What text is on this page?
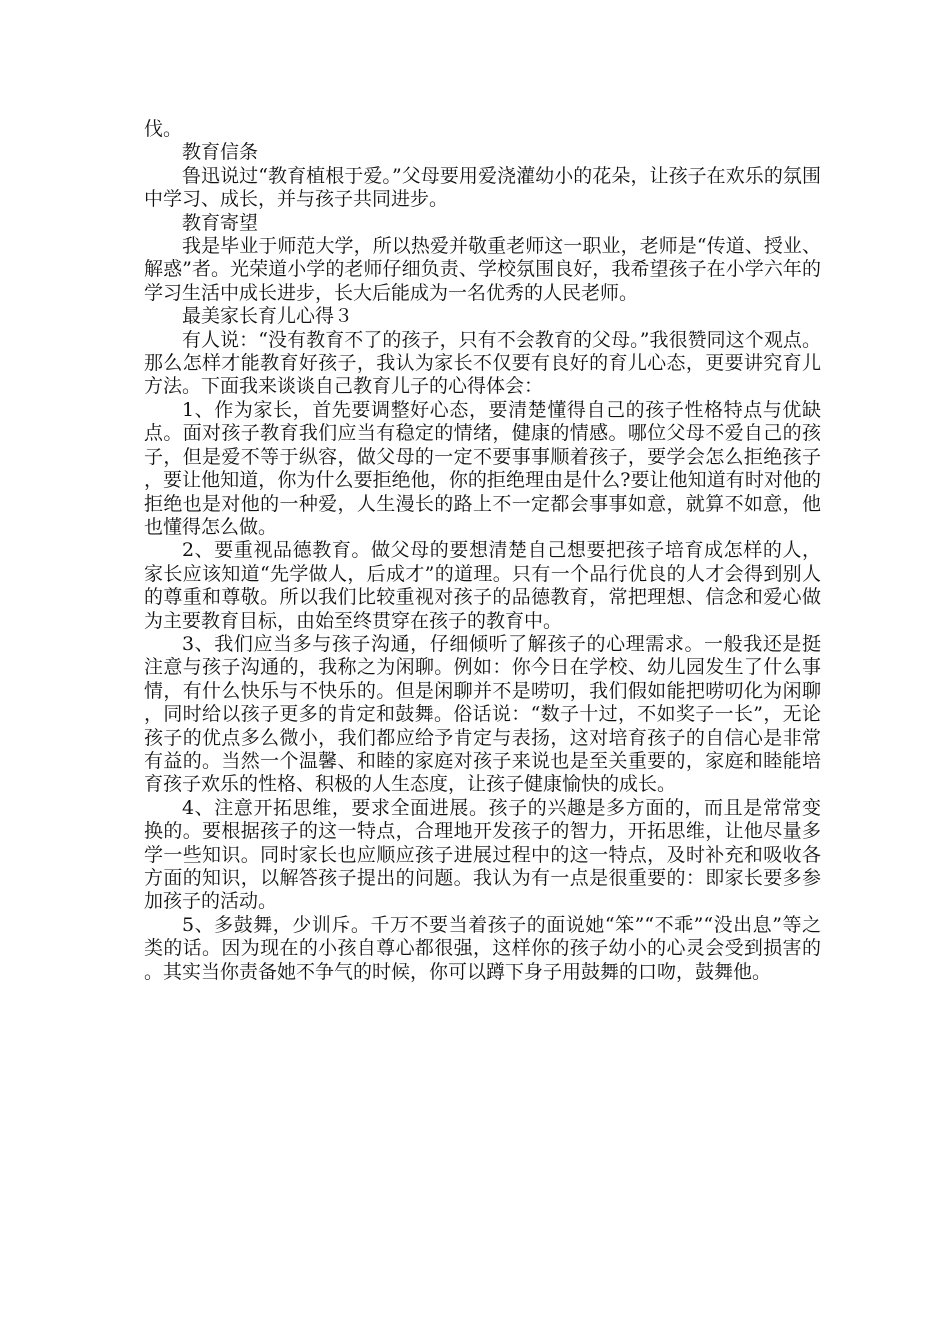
伐。

教育信条

鲁迅说过“教育植根于爱。”父母要用爱浇灌幼小的花朵，让孩子在欢乐的氛围中学习、成长，并与孩子共同进步。

教育寄望

我是毕业于师范大学，所以热爱并敬重老师这一职业，老师是“传道、授业、解惑”者。光荣道小学的老师仔细负责、学校氛围良好，我希望孩子在小学六年的学习生活中成长进步，长大后能成为一名优秀的人民老师。

最美家长育儿心得３

有人说：“没有教育不了的孩子，只有不会教育的父母。”我很赞同这个观点。那么怎样才能教育好孩子，我认为家长不仅要有良好的育儿心态，更要讲究育儿方法。下面我来谈谈自己教育儿子的心得体会：

1、作为家长，首先要调整好心态，要清楚懂得自己的孩子性格特点与优缺点。面对孩子教育我们应当有稳定的情绪，健康的情感。哪位父母不爱自己的孩子，但是爱不等于纵容，做父母的一定不要事事顺着孩子，要学会怎么拒绝孩子，要让他知道，你为什么要拒绝他，你的拒绝理由是什么?要让他知道有时对他的拒绝也是对他的一种爱，人生漫长的路上不一定都会事事如意，就算不如意，他也懂得怎么做。

2、要重视品德教育。做父母的要想清楚自己想要把孩子培育成怎样的人，家长应该知道“先学做人，后成才”的道理。只有一个品行优良的人才会得到别人的尊重和尊敬。所以我们比较重视对孩子的品德教育，常把理想、信念和爱心做为主要教育目标，由始至终贯穿在孩子的教育中。

3、我们应当多与孩子沟通，仔细倾听了解孩子的心理需求。一般我还是挺注意与孩子沟通的，我称之为闲聊。例如：你今日在学校、幼儿园发生了什么事情，有什么快乐与不快乐的。但是闲聊并不是唠叨，我们假如能把唠叨化为闲聊，同时给以孩子更多的肯定和鼓舞。俗话说：“数子十过，不如奖子一长”，无论孩子的优点多么微小，我们都应给予肯定与表扬，这对培育孩子的自信心是非常有益的。当然一个温馨、和睦的家庭对孩子来说也是至关重要的，家庭和睦能培育孩子欢乐的性格、积极的人生态度，让孩子健康愉快的成长。

4、注意开拓思维，要求全面进展。孩子的兴趣是多方面的，而且是常常变换的。要根据孩子的这一特点，合理地开发孩子的智力，开拓思维，让他尽量多学一些知识。同时家长也应顺应孩子进展过程中的这一特点，及时补充和吸收各方面的知识，以解答孩子提出的问题。我认为有一点是很重要的：即家长要多参加孩子的活动。

5、多鼓舞，少训斥。千万不要当着孩子的面说她“笨”“不乖”“没出息”等之类的话。因为现在的小孩自尊心都很强，这样你的孩子幼小的心灵会受到损害的。其实当你责备她不争气的时候，你可以蹲下身子用鼓舞的口吻，鼓舞他。
